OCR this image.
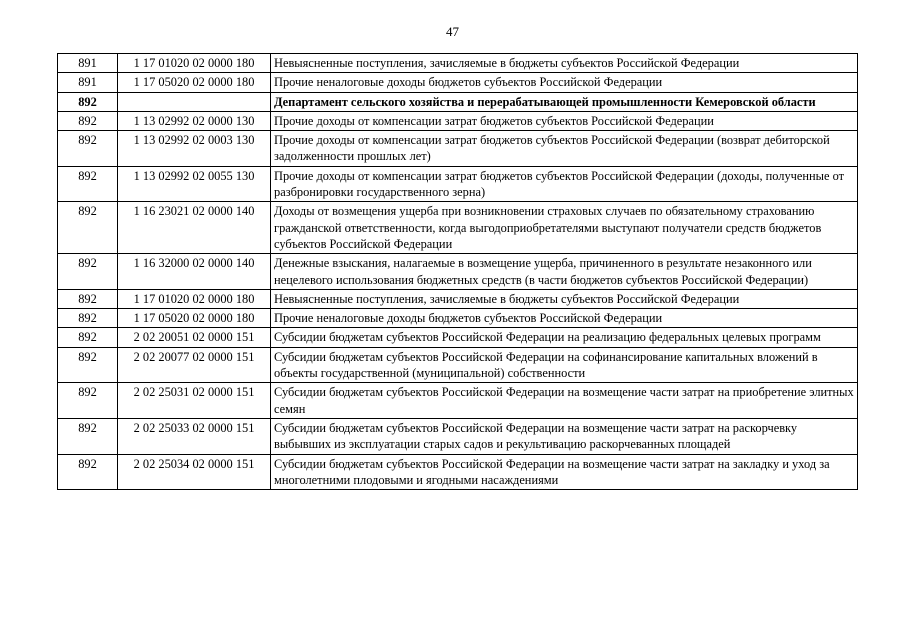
47
891	1 17 01020 02 0000 180	Невыясненные поступления, зачисляемые в бюджеты субъектов Российской Федерации
891	1 17 05020 02 0000 180	Прочие неналоговые доходы бюджетов субъектов Российской Федерации
892		Департамент сельского хозяйства и перерабатывающей промышленности Кемеровской области
892	1 13 02992 02 0000 130	Прочие доходы от компенсации затрат бюджетов субъектов Российской Федерации
892	1 13 02992 02 0003 130	Прочие доходы от компенсации затрат бюджетов субъектов Российской Федерации (возврат дебиторской задолженности прошлых лет)
892	1 13 02992 02 0055 130	Прочие доходы от компенсации затрат бюджетов субъектов Российской Федерации (доходы, полученные от разбронировки государственного зерна)
892	1 16 23021 02 0000 140	Доходы от возмещения ущерба при возникновении страховых случаев по обязательному страхованию гражданской ответственности, когда выгодоприобретателями выступают получатели средств бюджетов субъектов Российской Федерации
892	1 16 32000 02 0000 140	Денежные взыскания, налагаемые в возмещение ущерба, причиненного в результате незаконного или нецелевого использования бюджетных средств (в части бюджетов субъектов Российской Федерации)
892	1 17 01020 02 0000 180	Невыясненные поступления, зачисляемые в бюджеты субъектов Российской Федерации
892	1 17 05020 02 0000 180	Прочие неналоговые доходы бюджетов субъектов Российской Федерации
892	2 02 20051 02 0000 151	Субсидии бюджетам субъектов Российской Федерации на реализацию федеральных целевых программ
892	2 02 20077 02 0000 151	Субсидии бюджетам субъектов Российской Федерации на софинансирование капитальных вложений в объекты государственной (муниципальной) собственности
892	2 02 25031 02 0000 151	Субсидии бюджетам субъектов Российской Федерации на возмещение части затрат на приобретение элитных семян
892	2 02 25033 02 0000 151	Субсидии бюджетам субъектов Российской Федерации на возмещение части затрат на раскорчевку выбывших из эксплуатации старых садов и рекультивацию раскорчеванных площадей
892	2 02 25034 02 0000 151	Субсидии бюджетам субъектов Российской Федерации на возмещение части затрат на закладку и уход за многолетними плодовыми и ягодными насаждениями
